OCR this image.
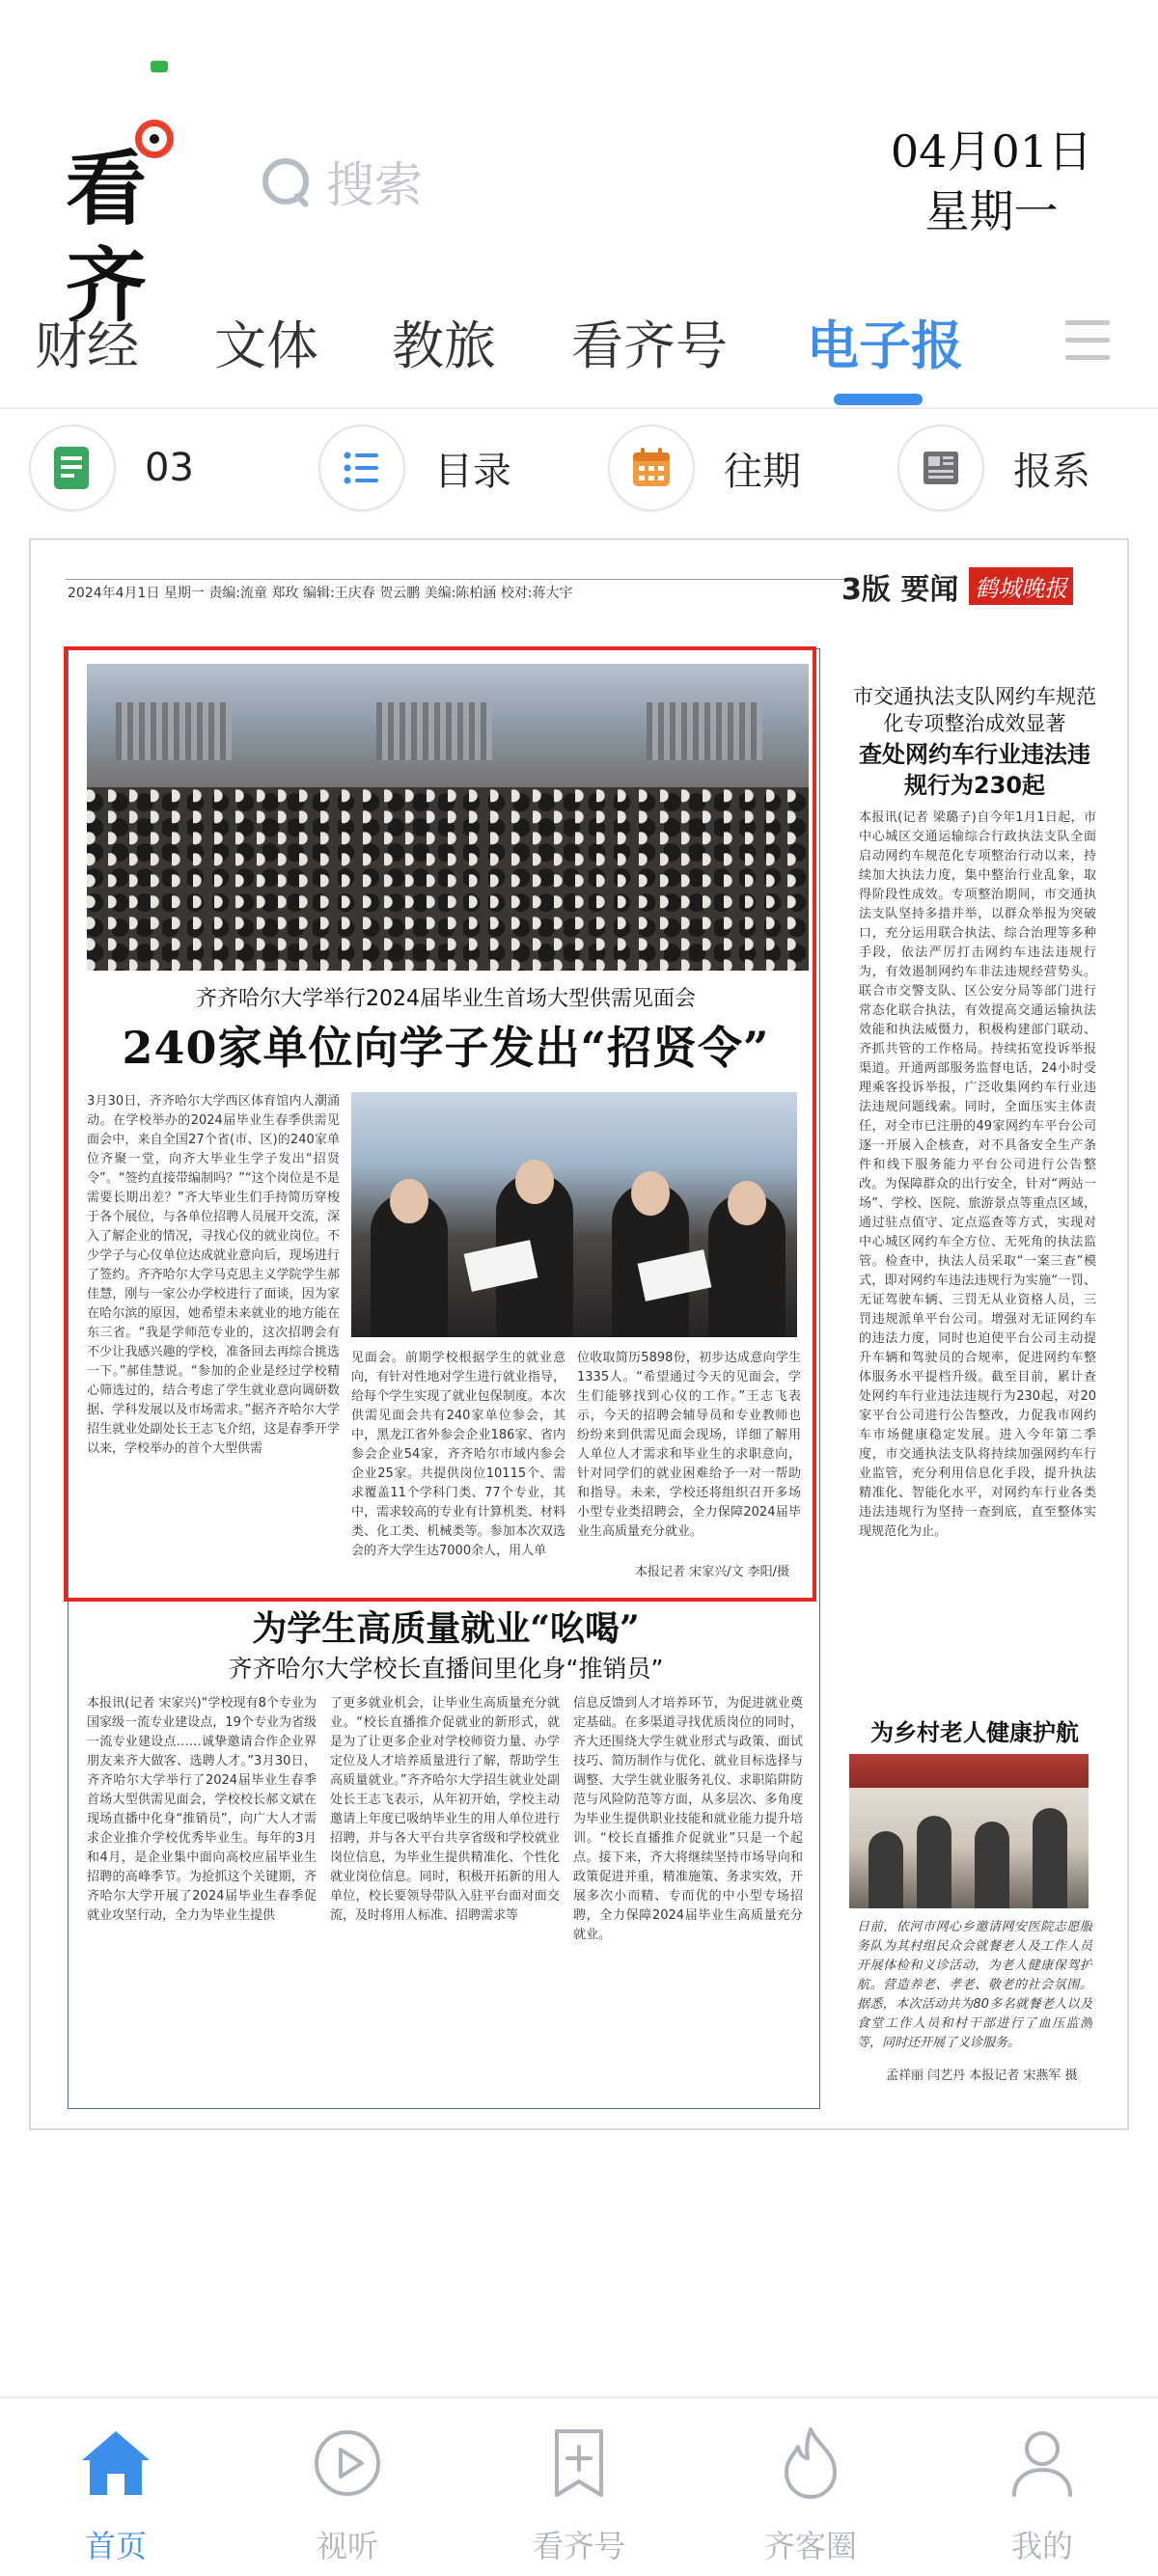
看齐
搜索
04月01日
星期一
财经 文体 教旅 看齐号 电子报
03	目录	往期	报系
2024年4月1日 星期一 责编:流童 郑玫 编辑:王庆春 贺云鹏 美编:陈柏涵 校对:蒋大宇	3版 要闻 鹤城晚报
齐齐哈尔大学举行2024届毕业生首场大型供需见面会
240家单位向学子发出“招贤令”
3月30日，齐齐哈尔大学西区体育馆内人潮涌动。在学校举办的2024届毕业生春季供需见面会中，来自全国27个省(市、区)的240家单位齐聚一堂，向齐大毕业生学子发出“招贤令”。“签约直接带编制吗？”“这个岗位是不是需要长期出差？”齐大毕业生们手持简历穿梭于各个展位，与各单位招聘人员展开交流，深入了解企业的情况，寻找心仪的就业岗位。不少学子与心仪单位达成就业意向后，现场进行了签约。齐齐哈尔大学马克思主义学院学生郝佳慧，刚与一家公办学校进行了面谈，因为家在哈尔滨的原因，她希望未来就业的地方能在东三省。“我是学师范专业的，这次招聘会有不少让我感兴趣的学校，准备回去再综合挑选一下。”郝佳慧说。“参加的企业是经过学校精心筛选过的，结合考虑了学生就业意向调研数据、学科发展以及市场需求。”据齐齐哈尔大学招生就业处副处长王志飞介绍，这是春季开学以来，学校举办的首个大型供需
见面会。前期学校根据学生的就业意向，有针对性地对学生进行就业指导，给每个学生实现了就业包保制度。本次供需见面会共有240家单位参会，其中，黑龙江省外参会企业186家、省内参会企业54家，齐齐哈尔市域内参会企业25家。共提供岗位10115个、需求覆盖11个学科门类、77个专业，其中，需求较高的专业有计算机类、材料类、化工类、机械类等。参加本次双选会的齐大学生达7000余人，用人单
位收取简历5898份，初步达成意向学生1335人。“希望通过今天的见面会，学生们能够找到心仪的工作。”王志飞表示，今天的招聘会辅导员和专业教师也纷纷来到供需见面会现场，详细了解用人单位人才需求和毕业生的求职意向，针对同学们的就业困难给予一对一帮助和指导。未来，学校还将组织召开多场小型专业类招聘会，全力保障2024届毕业生高质量充分就业。
本报记者 宋家兴/文 李阳/摄
为学生高质量就业“吆喝”
齐齐哈尔大学校长直播间里化身“推销员”
本报讯(记者 宋家兴)“学校现有8个专业为国家级一流专业建设点，19个专业为省级一流专业建设点……诚挚邀请合作企业界朋友来齐大做客、选聘人才。”3月30日，齐齐哈尔大学举行了2024届毕业生春季首场大型供需见面会，学校校长郝文斌在现场直播中化身“推销员”，向广大人才需求企业推介学校优秀毕业生。每年的3月和4月，是企业集中面向高校应届毕业生招聘的高峰季节。为抢抓这个关键期，齐齐哈尔大学开展了2024届毕业生春季促就业攻坚行动，全力为毕业生提供
了更多就业机会，让毕业生高质量充分就业。“校长直播推介促就业的新形式，就是为了让更多企业对学校师资力量、办学定位及人才培养质量进行了解，帮助学生高质量就业。”齐齐哈尔大学招生就业处副处长王志飞表示，从年初开始，学校主动邀请上年度已吸纳毕业生的用人单位进行招聘，并与各大平台共享省级和学校就业岗位信息，为毕业生提供精准化、个性化就业岗位信息。同时，积极开拓新的用人单位，校长要领导带队入驻平台面对面交流，及时将用人标准、招聘需求等
信息反馈到人才培养环节，为促进就业奠定基础。在多渠道寻找优质岗位的同时，齐大还围绕大学生就业形式与政策、面试技巧、简历制作与优化、就业目标选择与调整、大学生就业服务礼仪、求职陷阱防范与风险防范等方面，从多层次、多角度为毕业生提供职业技能和就业能力提升培训。“校长直播推介促就业”只是一个起点。接下来，齐大将继续坚持市场导向和政策促进并重，精准施策、务求实效，开展多次小而精、专而优的中小型专场招聘，全力保障2024届毕业生高质量充分就业。
市交通执法支队网约车规范化专项整治成效显著
查处网约车行业违法违规行为230起
本报讯(记者 梁璐子)自今年1月1日起，市中心城区交通运输综合行政执法支队全面启动网约车规范化专项整治行动以来，持续加大执法力度，集中整治行业乱象，取得阶段性成效。专项整治期间，市交通执法支队坚持多措并举，以群众举报为突破口，充分运用联合执法、综合治理等多种手段，依法严厉打击网约车违法违规行为，有效遏制网约车非法违规经营势头。联合市交警支队、区公安分局等部门进行常态化联合执法，有效提高交通运输执法效能和执法威慑力，积极构建部门联动、齐抓共管的工作格局。持续拓宽投诉举报渠道。开通两部服务监督电话，24小时受理乘客投诉举报，广泛收集网约车行业违法违规问题线索。同时，全面压实主体责任，对全市已注册的49家网约车平台公司逐一开展入企核查，对不具备安全生产条件和线下服务能力平台公司进行公告整改。为保障群众的出行安全，针对“两站一场”、学校、医院、旅游景点等重点区域，通过驻点值守、定点巡查等方式，实现对中心城区网约车全方位、无死角的执法监管。检查中，执法人员采取“一案三查”模式，即对网约车违法违规行为实施“一罚、无证驾驶车辆、三罚无从业资格人员，三罚违规派单平台公司。增强对无证网约车的违法力度，同时也迫使平台公司主动提升车辆和驾驶员的合规率，促进网约车整体服务水平提档升级。截至目前，累计查处网约车行业违法违规行为230起，对20家平台公司进行公告整改，力促我市网约车市场健康稳定发展。进入今年第二季度，市交通执法支队将持续加强网约车行业监管，充分利用信息化手段，提升执法精准化、智能化水平，对网约车行业各类违法违规行为坚持一查到底，直至整体实现规范化为止。
为乡村老人健康护航
日前，依河市网心乡邀请网安医院志愿服务队为其村组民众会就餐老人及工作人员开展体检和义诊活动，为老人健康保驾护航。营造养老、孝老、敬老的社会氛围。据悉，本次活动共为80多名就餐老人以及食堂工作人员和村干部进行了血压监测等，同时还开展了义诊服务。
孟祥丽 闫艺丹 本报记者 宋燕军 摄
首页	视听	看齐号	齐客圈	我的
